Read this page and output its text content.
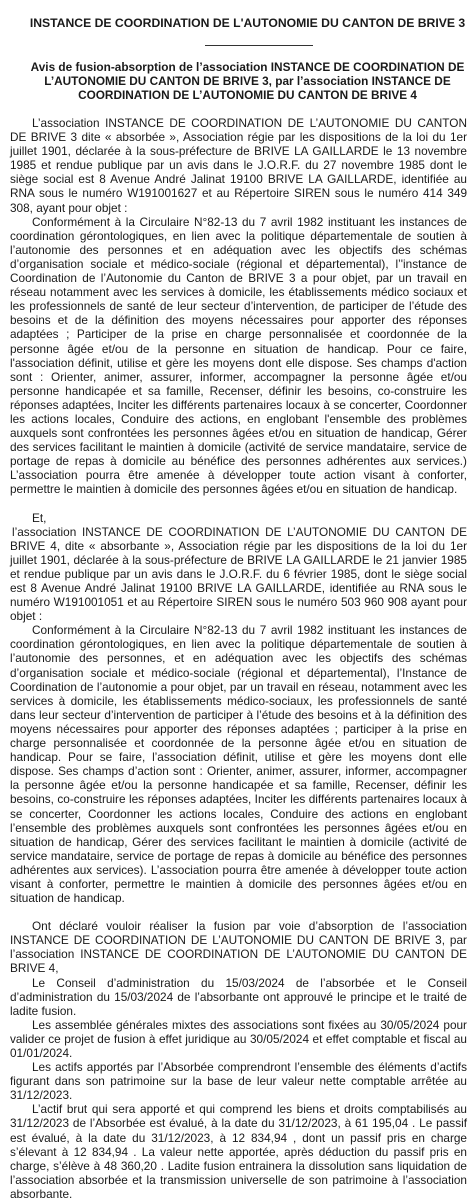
INSTANCE DE COORDINATION DE L'AUTONOMIE DU CANTON DE BRIVE 3
Avis de fusion-absorption de l’association INSTANCE DE COORDINATION DE L’AUTONOMIE DU CANTON DE BRIVE 3, par l’association INSTANCE DE COORDINATION DE L’AUTONOMIE DU CANTON DE BRIVE 4

L’association INSTANCE DE COORDINATION DE L’AUTONOMIE DU CANTON DE BRIVE 3 dite « absorbée », Association régie par les dispositions de la loi du 1er juillet 1901, déclarée à la sous-préfecture de BRIVE LA GAILLARDE le 13 novembre 1985 et rendue publique par un avis dans le J.O.R.F. du 27 novembre 1985 dont le siège social est 8 Avenue André Jalinat 19100 BRIVE LA GAILLARDE, identifiée au RNA sous le numéro W191001627 et au Répertoire SIREN sous le numéro 414 349 308, ayant pour objet :

Conformément à la Circulaire N°82-13 du 7 avril 1982 instituant les instances de coordination gérontologiques, en lien avec la politique départementale de soutien à l’autonomie des personnes et en adéquation avec les objectifs des schémas d’organisation sociale et médico-sociale (régional et départemental), l’'instance de Coordination de l’Autonomie du Canton de BRIVE 3 a pour objet, par un travail en réseau notamment avec les services à domicile, les établissements médico sociaux et les professionnels de santé de leur secteur d’intervention, de participer de l’étude des besoins et de la définition des moyens nécessaires pour apporter des réponses adaptées ; Participer de la prise en charge personnalisée et coordonnée de la personne âgée et/ou de la personne en situation de handicap. Pour ce faire, l'association définit, utilise et gère les moyens dont elle dispose. Ses champs d'action sont : Orienter, animer, assurer, informer, accompagner la personne âgée et/ou personne handicapée et sa famille, Recenser, définir les besoins, co-construire les réponses adaptées, Inciter les différents partenaires locaux à se concerter, Coordonner les actions locales, Conduire des actions, en englobant l'ensemble des problèmes auxquels sont confrontées les personnes âgées et/ou en situation de handicap, Gérer des services facilitant le maintien à domicile (activité de service mandataire, service de portage de repas à domicile au bénéfice des personnes adhérentes aux services.) L’association pourra être amenée à développer toute action visant à conforter, permettre le maintien à domicile des personnes âgées et/ou en situation de handicap.

Et,

l’association INSTANCE DE COORDINATION DE L’AUTONOMIE DU CANTON DE BRIVE 4, dite « absorbante », Association régie par les dispositions de la loi du 1er juillet 1901, déclarée à la sous-préfecture de BRIVE LA GAILLARDE le 21 janvier 1985 et rendue publique par un avis dans le J.O.R.F. du 6 février 1985, dont le siège social est 8 Avenue André Jalinat 19100 BRIVE LA GAILLARDE, identifiée au RNA sous le numéro W191001051 et au Répertoire SIREN sous le numéro 503 960 908 ayant pour objet :

Conformément à la Circulaire N°82-13 du 7 avril 1982 instituant les instances de coordination gérontologiques, en lien avec la politique départementale de soutien à l’autonomie des personnes, et en adéquation avec les objectifs des schémas d’organisation sociale et médico-sociale (régional et départemental), l’Instance de Coordination de l’autonomie a pour objet, par un travail en réseau, notamment avec les services à domicile, les établissements médico-sociaux, les professionnels de santé dans leur secteur d’intervention de participer à l’étude des besoins et à la définition des moyens nécessaires pour apporter des réponses adaptées ; participer à la prise en charge personnalisée et coordonnée de la personne âgée et/ou en situation de handicap. Pour se faire, l’association définit, utilise et gère les moyens dont elle dispose. Ses champs d’action sont : Orienter, animer, assurer, informer, accompagner la personne âgée et/ou la personne handicapée et sa famille, Recenser, définir les besoins, co-construire les réponses adaptées, Inciter les différents partenaires locaux à se concerter, Coordonner les actions locales, Conduire des actions en englobant l’ensemble des problèmes auxquels sont confrontées les personnes âgées et/ou en situation de handicap, Gérer des services facilitant le maintien à domicile (activité de service mandataire, service de portage de repas à domicile au bénéfice des personnes adhérentes aux services). L’association pourra être amenée à développer toute action visant à conforter, permettre le maintien à domicile des personnes âgées et/ou en situation de handicap.

Ont déclaré vouloir réaliser la fusion par voie d’absorption de l’association INSTANCE DE COORDINATION DE L’AUTONOMIE DU CANTON DE BRIVE 3, par l’association INSTANCE DE COORDINATION DE L’AUTONOMIE DU CANTON DE BRIVE 4,

Le Conseil d’administration du 15/03/2024 de l’absorbée et le Conseil d’administration du 15/03/2024 de l’absorbante ont approuvé le principe et le traité de ladite fusion.

Les assemblée générales mixtes des associations sont fixées au 30/05/2024 pour valider ce projet de fusion à effet juridique au 30/05/2024 et effet comptable et fiscal au 01/01/2024.

Les actifs apportés par l’Absorbée comprendront l’ensemble des éléments d’actifs figurant dans son patrimoine sur la base de leur valeur nette comptable arrêtée au 31/12/2023.

L’actif brut qui sera apporté et qui comprend les biens et droits comptabilisés au 31/12/2023 de l’Absorbée est évalué, à la date du 31/12/2023, à 61 195,04 . Le passif est évalué, à la date du 31/12/2023, à 12 834,94 , dont un passif pris en charge s’élevant à 12 834,94 . La valeur nette apportée, après déduction du passif pris en charge, s’élève à 48 360,20 . Ladite fusion entrainera la dissolution sans liquidation de l’association absorbée et la transmission universelle de son patrimoine à l’association absorbante.
